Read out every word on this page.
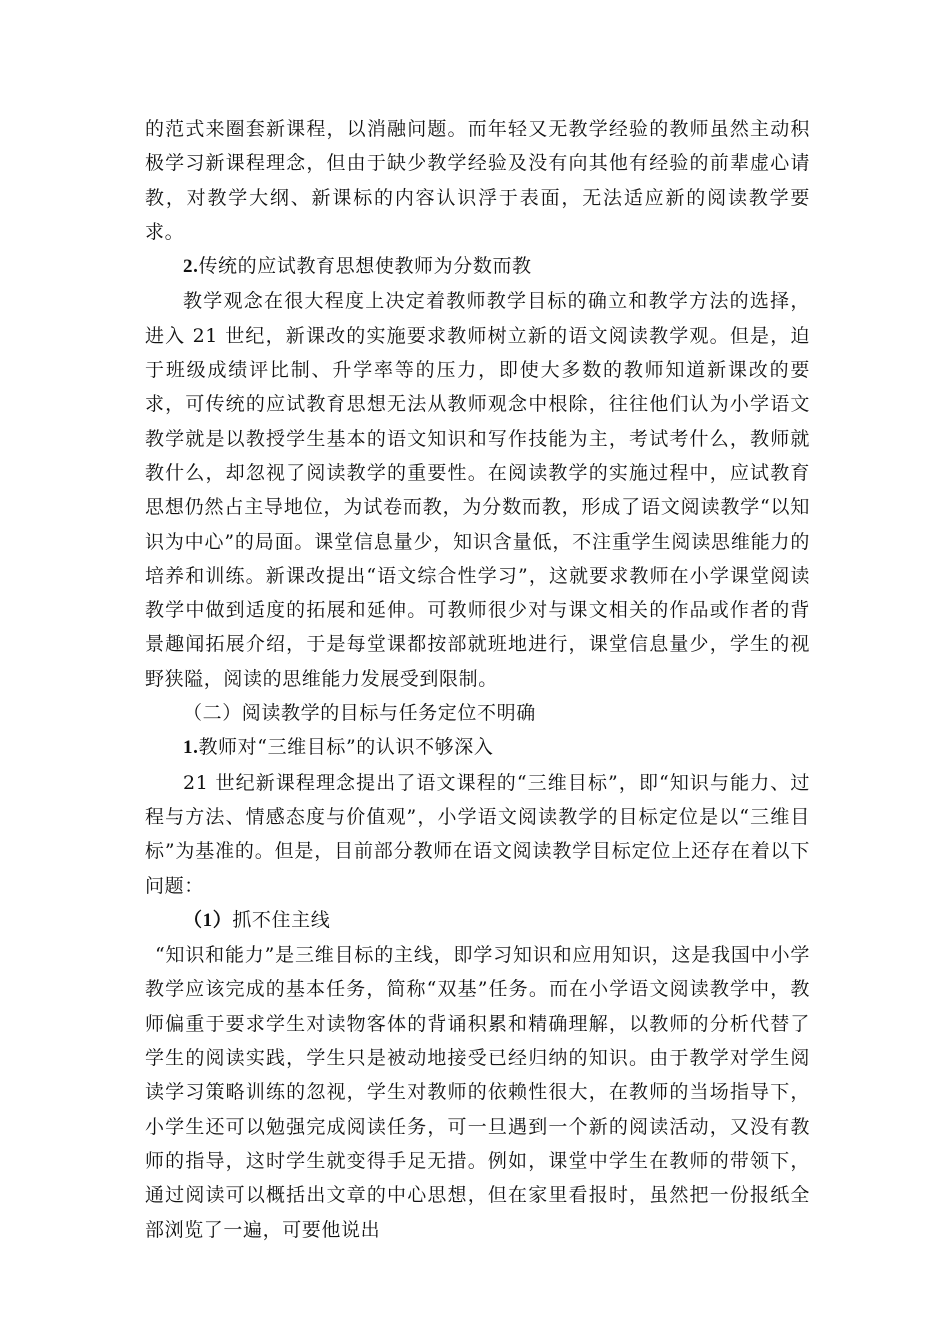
的范式来圈套新课程，以消融问题。而年轻又无教学经验的教师虽然主动积极学习新课程理念，但由于缺少教学经验及没有向其他有经验的前辈虚心请教，对教学大纲、新课标的内容认识浮于表面，无法适应新的阅读教学要求。

2.传统的应试教育思想使教师为分数而教

教学观念在很大程度上决定着教师教学目标的确立和教学方法的选择，进入 21 世纪，新课改的实施要求教师树立新的语文阅读教学观。但是，迫于班级成绩评比制、升学率等的压力，即使大多数的教师知道新课改的要求，可传统的应试教育思想无法从教师观念中根除，往往他们认为小学语文教学就是以教授学生基本的语文知识和写作技能为主，考试考什么，教师就教什么，却忽视了阅读教学的重要性。在阅读教学的实施过程中，应试教育思想仍然占主导地位，为试卷而教，为分数而教，形成了语文阅读教学“以知识为中心”的局面。课堂信息量少，知识含量低，不注重学生阅读思维能力的培养和训练。新课改提出“语文综合性学习”，这就要求教师在小学课堂阅读教学中做到适度的拓展和延伸。可教师很少对与课文相关的作品或作者的背景趣闻拓展介绍，于是每堂课都按部就班地进行，课堂信息量少，学生的视野狭隘，阅读的思维能力发展受到限制。

（二）阅读教学的目标与任务定位不明确

1.教师对“三维目标”的认识不够深入

21 世纪新课程理念提出了语文课程的“三维目标”，即“知识与能力、过程与方法、情感态度与价值观”，小学语文阅读教学的目标定位是以“三维目标”为基准的。但是，目前部分教师在语文阅读教学目标定位上还存在着以下问题：

（1）抓不住主线

“知识和能力”是三维目标的主线，即学习知识和应用知识，这是我国中小学教学应该完成的基本任务，简称“双基”任务。而在小学语文阅读教学中，教师偏重于要求学生对读物客体的背诵积累和精确理解，以教师的分析代替了学生的阅读实践，学生只是被动地接受已经归纳的知识。由于教学对学生阅读学习策略训练的忽视，学生对教师的依赖性很大，在教师的当场指导下，小学生还可以勉强完成阅读任务，可一旦遇到一个新的阅读活动，又没有教师的指导，这时学生就变得手足无措。例如，课堂中学生在教师的带领下，通过阅读可以概括出文章的中心思想，但在家里看报时，虽然把一份报纸全部浏览了一遍，可要他说出
